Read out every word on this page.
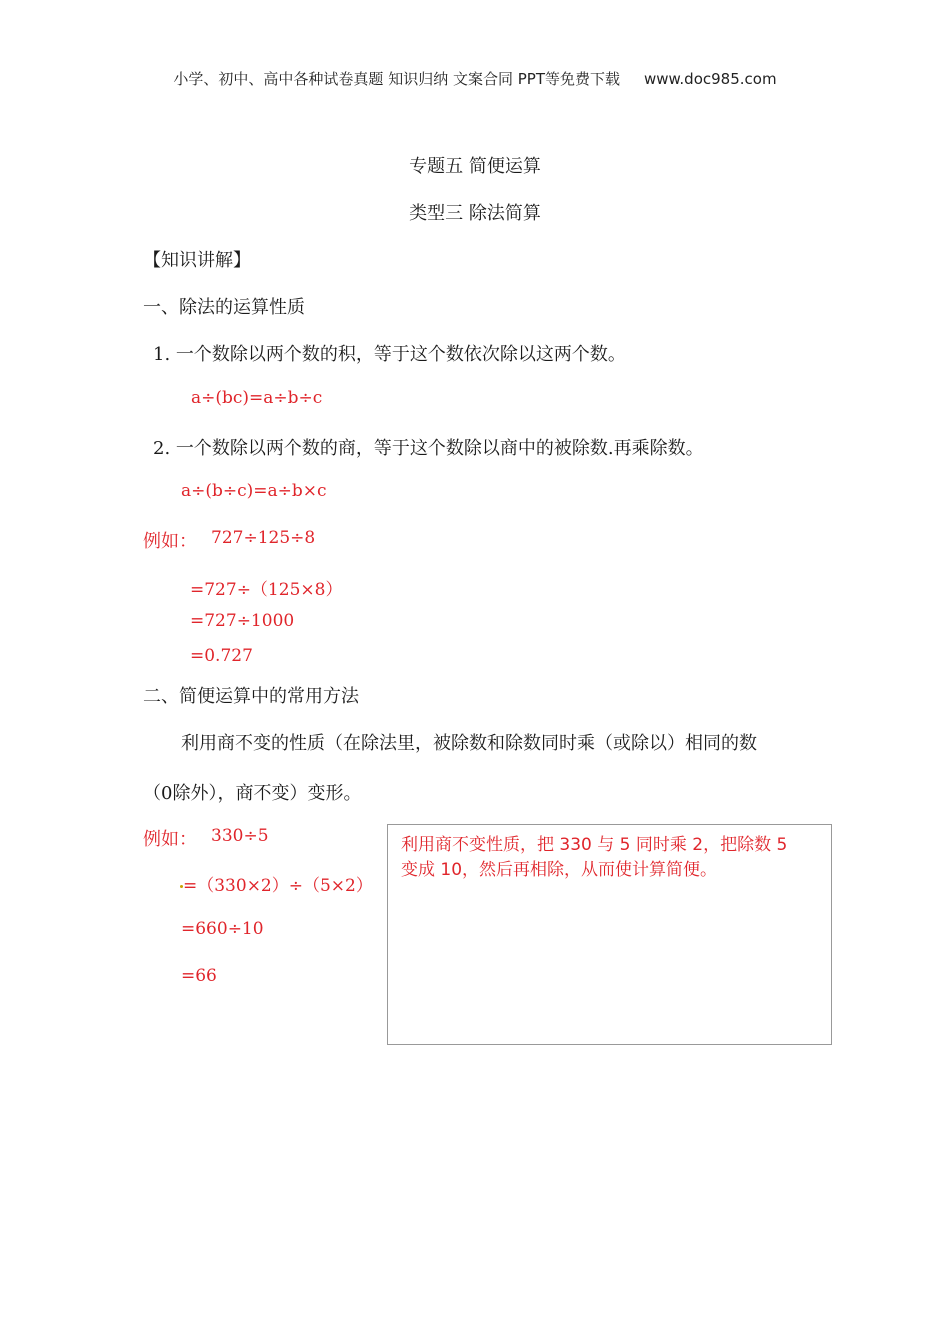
小学、初中、高中各种试卷真题 知识归纳 文案合同 PPT等免费下载 www.doc985.com
专题五 简便运算
类型三 除法简算
【知识讲解】
一、除法的运算性质
1. 一个数除以两个数的积，等于这个数依次除以这两个数。
a÷(bc)=a÷b÷c
2. 一个数除以两个数的商，等于这个数除以商中的被除数.再乘除数。
a÷(b÷c)=a÷b×c
例如： 727÷125÷8
=727÷（125×8）
=727÷1000
=0.727
二、简便运算中的常用方法
利用商不变的性质（在除法里，被除数和除数同时乘（或除以）相同的数
（0除外），商不变）变形。
例如： 330÷5
=（330×2）÷（5×2）
=660÷10
=66
利用商不变性质，把 330 与 5 同时乘 2，把除数 5
变成 10，然后再相除，从而使计算简便。
